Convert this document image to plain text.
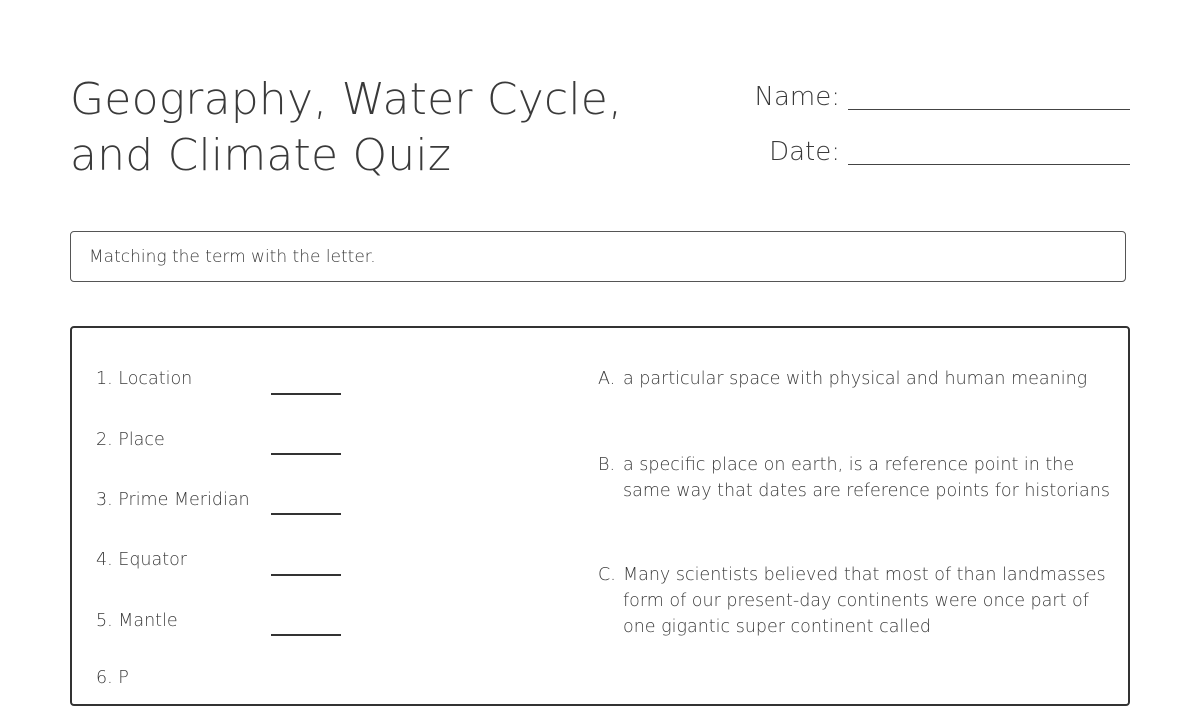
Geography, Water Cycle,
and Climate Quiz
Name:
Date:
Matching the term with the letter.
1. Location
2. Place
3. Prime Meridian
4. Equator
5. Mantle
6. P
A. a particular space with physical and human meaning
B. a specific place on earth, is a reference point in the same way that dates are reference points for historians
C. Many scientists believed that most of than landmasses form of our present-day continents were once part of one gigantic super continent called
